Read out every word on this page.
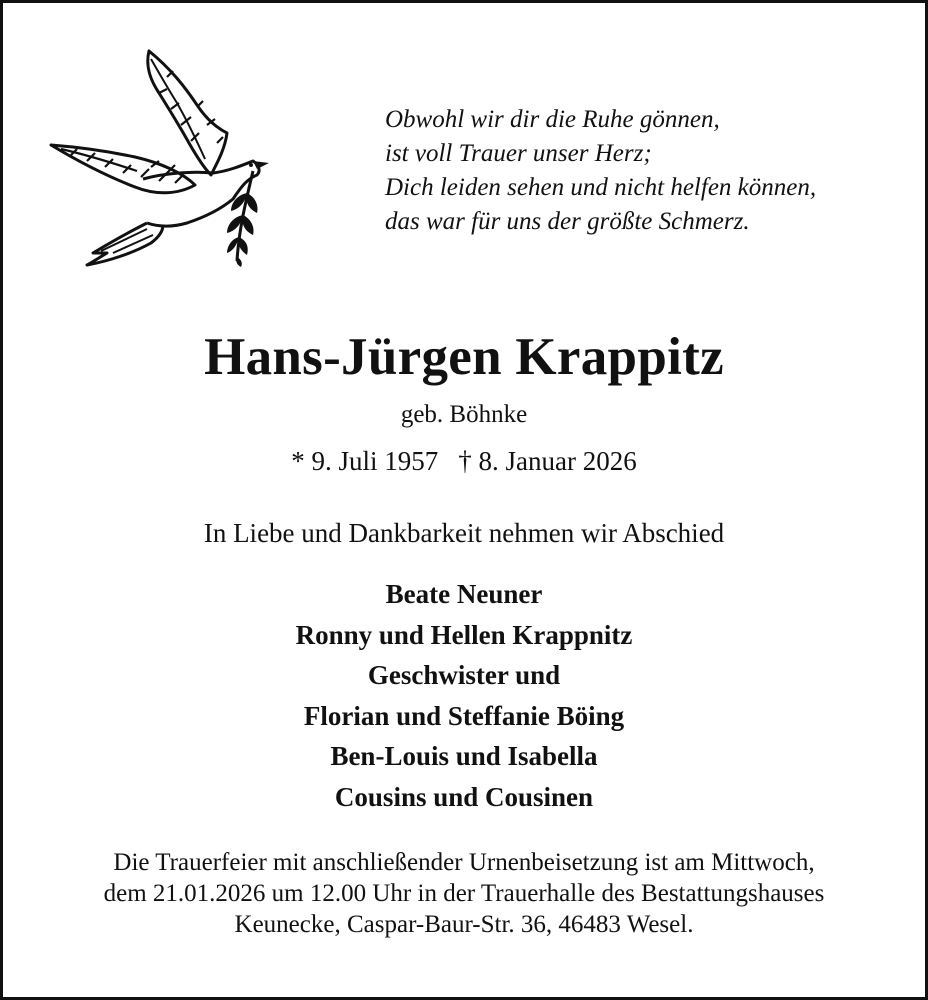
Obwohl wir dir die Ruhe gönnen,
ist voll Trauer unser Herz;
Dich leiden sehen und nicht helfen können,
das war für uns der größte Schmerz.
Hans-Jürgen Krappitz
geb. Böhnke
* 9. Juli 1957 † 8. Januar 2026
In Liebe und Dankbarkeit nehmen wir Abschied
Beate Neuner
Ronny und Hellen Krappnitz
Geschwister und
Florian und Steffanie Böing
Ben-Louis und Isabella
Cousins und Cousinen
Die Trauerfeier mit anschließender Urnenbeisetzung ist am Mittwoch,
dem 21.01.2026 um 12.00 Uhr in der Trauerhalle des Bestattungshauses
Keunecke, Caspar-Baur-Str. 36, 46483 Wesel.
